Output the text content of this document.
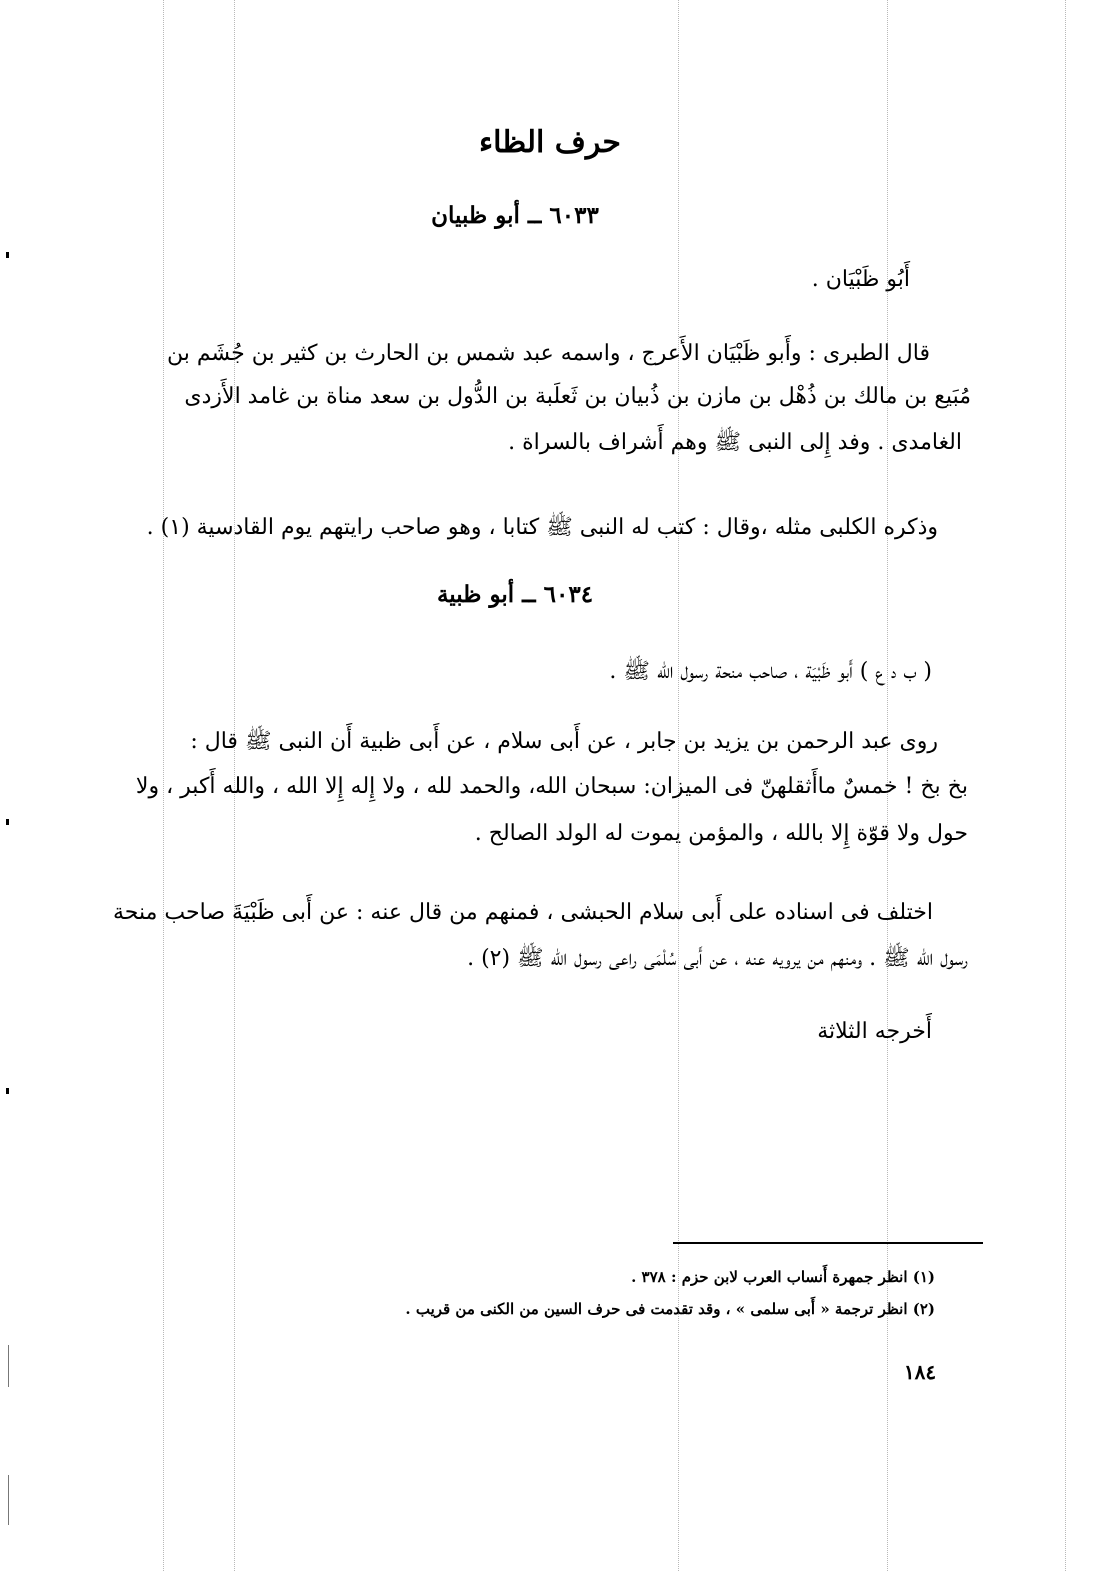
حرف الظاء
٦٠٣٣ ــ أبو ظبيان
أَبُو ظَبْيَان .
قال الطبرى : وأَبو ظَبْيَان الأَعرج ، واسمه عبد شمس بن الحارث بن كثير بن جُشَم بن
مُبَيع بن مالك بن ذُهْل بن مازن بن ذُبيان بن ثَعلَبة بن الدُّول بن سعد مناة بن غامد الأَزدى
الغامدى . وفد إِلى النبى ﷺ وهم أَشراف بالسراة .
وذكره الكلبى مثله ،وقال : كتب له النبى ﷺ كتابا ، وهو صاحب رايتهم يوم القادسية (١) .
٦٠٣٤ ــ أبو ظبية
( ب د ع ) أَبو ظَبْيَة ، صاحب منحة رسول الله ﷺ .
روى عبد الرحمن بن يزيد بن جابر ، عن أَبى سلام ، عن أَبى ظبية أَن النبى ﷺ قال :
بخ بخ ! خمسٌ ماأَثقلهنّ فى الميزان: سبحان الله، والحمد لله ، ولا إِله إِلا الله ، والله أَكبر ، ولا
حول ولا قوّة إِلا بالله ، والمؤمن يموت له الولد الصالح .
اختلف فى اسناده على أَبى سلام الحبشى ، فمنهم من قال عنه : عن أَبى ظَبْيَةَ صاحب منحة
رسول الله ﷺ . ومنهم من يرويه عنه ، عن أَبى سُلْمَى راعى رسول الله ﷺ (٢) .
أَخرجه الثلاثة
(١) انظر جمهرة أَنساب العرب لابن حزم : ٣٧٨ .
(٢) انظر ترجمة « أَبى سلمى » ، وقد تقدمت فى حرف السين من الكنى من قريب .
١٨٤
